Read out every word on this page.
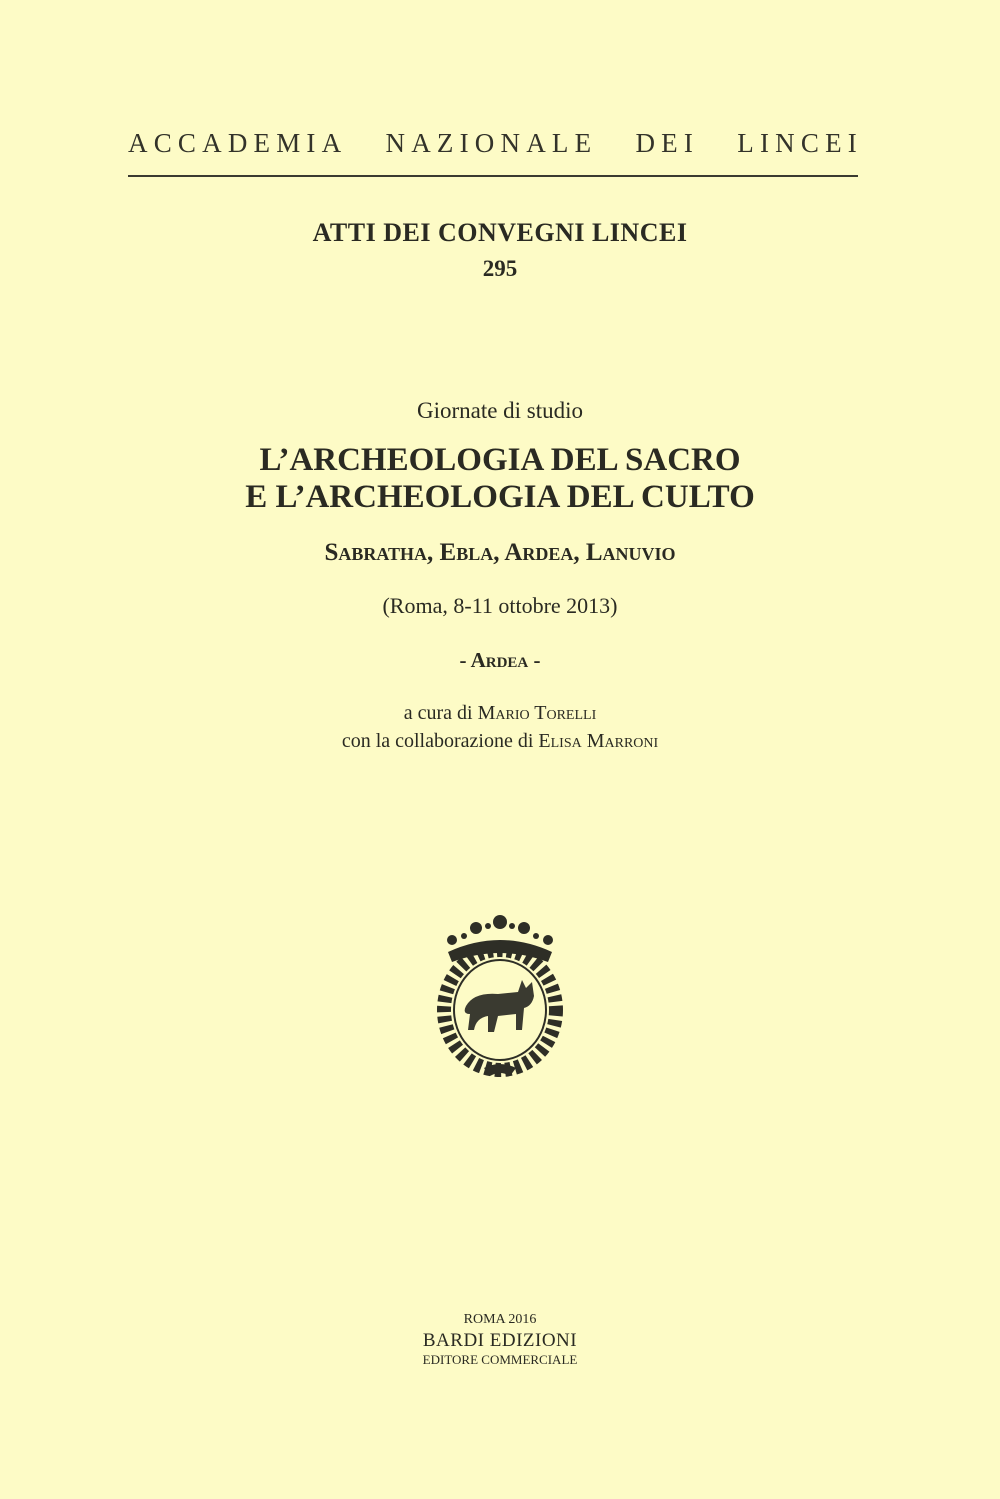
ACCADEMIA NAZIONALE DEI LINCEI
ATTI DEI CONVEGNI LINCEI
295
Giornate di studio
L’ARCHEOLOGIA DEL SACRO
E L’ARCHEOLOGIA DEL CULTO
Sabratha, Ebla, Ardea, Lanuvio
(Roma, 8-11 ottobre 2013)
- Ardea -
a cura di Mario Torelli
con la collaborazione di Elisa Marroni
ROMA 2016
BARDI EDIZIONI
EDITORE COMMERCIALE
